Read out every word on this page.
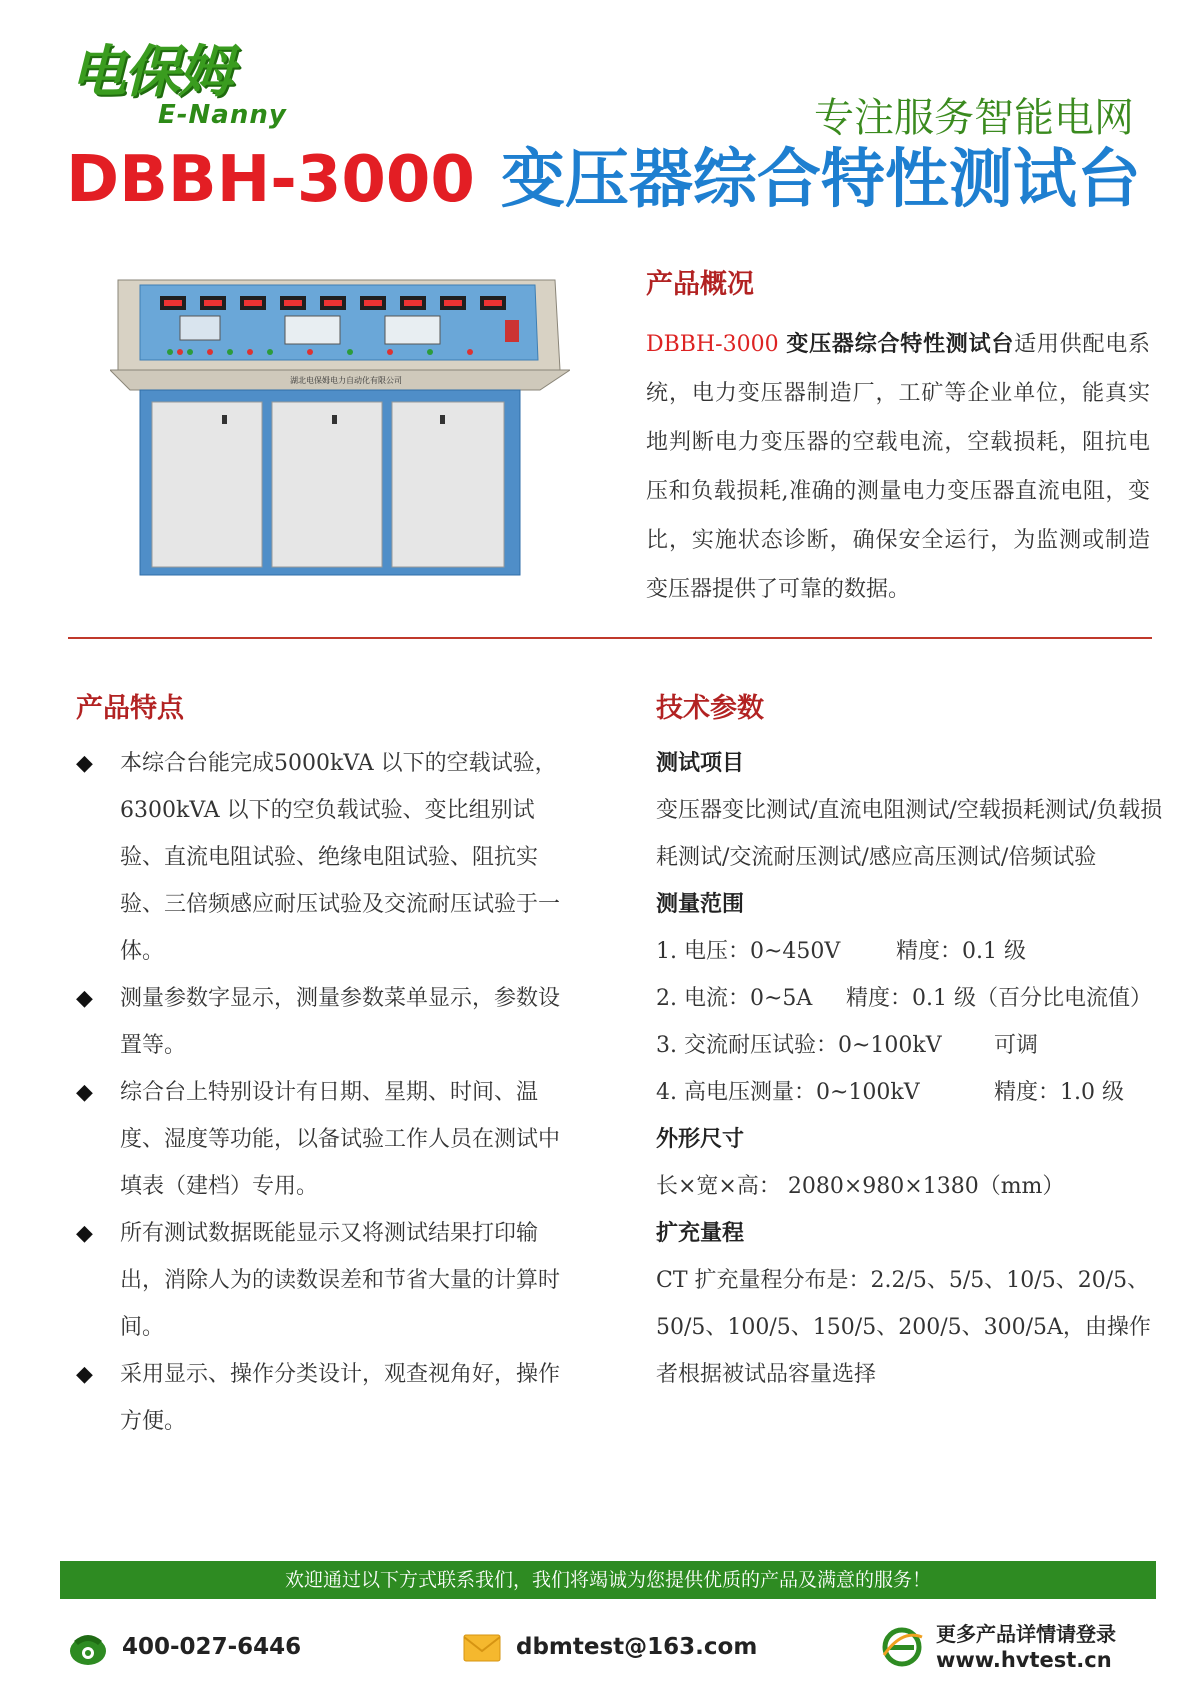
电保姆
E-Nanny	专注服务智能电网
DBBH-3000 变压器综合特性测试台
湖北电保姆电力自动化有限公司
产品概况
DBBH-3000 变压器综合特性测试台适用供配电系统，电力变压器制造厂，工矿等企业单位，能真实地判断电力变压器的空载电流，空载损耗，阻抗电压和负载损耗,准确的测量电力变压器直流电阻，变比，实施状态诊断，确保安全运行，为监测或制造变压器提供了可靠的数据。
产品特点
◆ 本综合台能完成5000kVA 以下的空载试验，6300kVA 以下的空负载试验、变比组别试验、直流电阻试验、绝缘电阻试验、阻抗实验、三倍频感应耐压试验及交流耐压试验于一体。
◆ 测量参数字显示，测量参数菜单显示，参数设置等。
◆ 综合台上特别设计有日期、星期、时间、温度、湿度等功能，以备试验工作人员在测试中填表（建档）专用。
◆ 所有测试数据既能显示又将测试结果打印输出，消除人为的读数误差和节省大量的计算时间。
◆ 采用显示、操作分类设计，观查视角好，操作方便。
技术参数
测试项目
变压器变比测试/直流电阻测试/空载损耗测试/负载损耗测试/交流耐压测试/感应高压测试/倍频试验
测量范围
1. 电压：0~450V	精度：0.1 级
2. 电流：0~5A 精度：0.1 级（百分比电流值）
3. 交流耐压试验：0~100kV 可调
4. 高电压测量：0~100kV	精度：1.0 级
外形尺寸
长×宽×高： 2080×980×1380（mm）
扩充量程
CT 扩充量程分布是：2.2/5、5/5、10/5、20/5、50/5、100/5、150/5、200/5、300/5A，由操作者根据被试品容量选择
欢迎通过以下方式联系我们，我们将竭诚为您提供优质的产品及满意的服务！
400-027-6446	dbmtest@163.com	更多产品详情请登录
www.hvtest.cn
